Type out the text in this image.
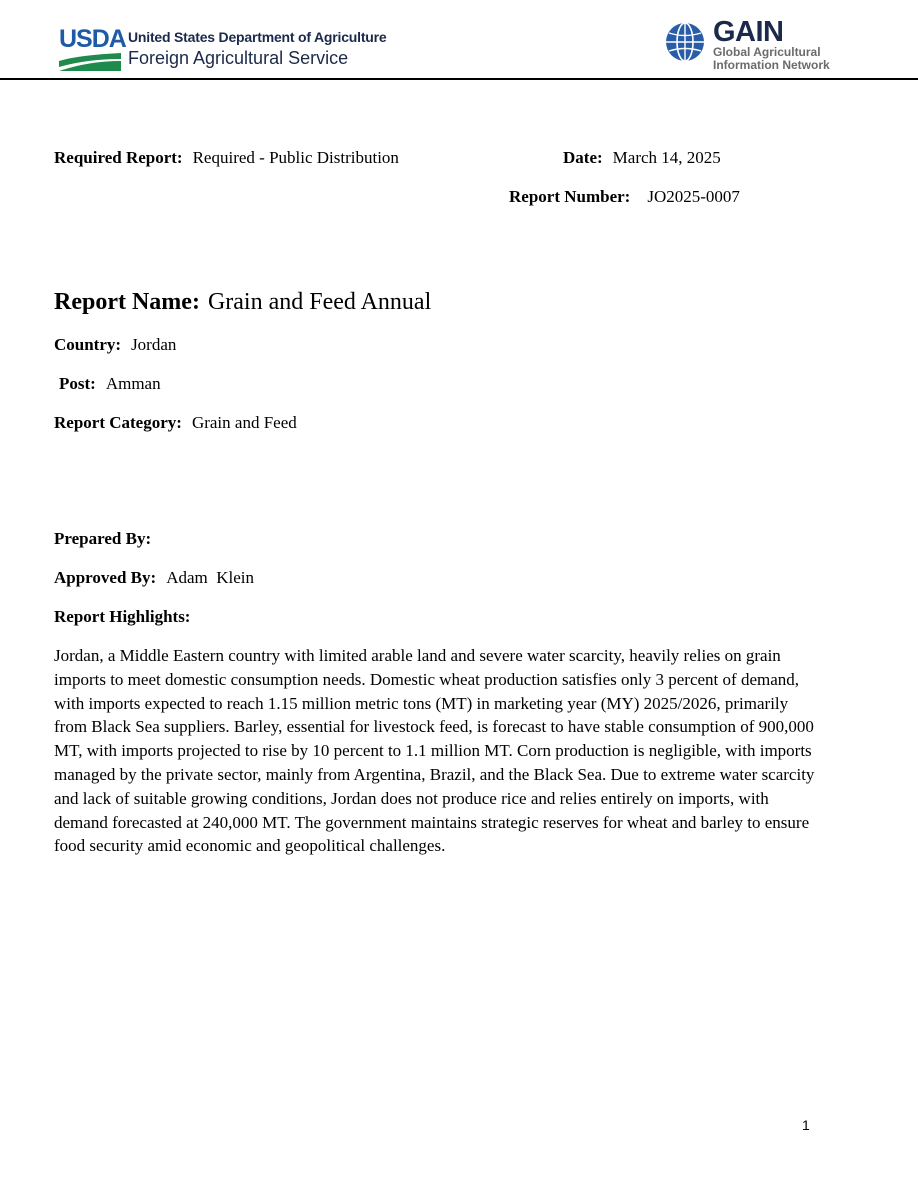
USDA United States Department of Agriculture
Foreign Agricultural Service
GAIN
Global Agricultural
Information Network
Required Report: Required - Public Distribution	Date: March 14, 2025
Report Number: JO2025-0007
Report Name: Grain and Feed Annual
Country: Jordan
Post: Amman
Report Category: Grain and Feed
Prepared By:
Approved By: Adam  Klein
Report Highlights:
Jordan, a Middle Eastern country with limited arable land and severe water scarcity, heavily relies on grain imports to meet domestic consumption needs. Domestic wheat production satisfies only 3 percent of demand, with imports expected to reach 1.15 million metric tons (MT) in marketing year (MY) 2025/2026, primarily from Black Sea suppliers. Barley, essential for livestock feed, is forecast to have stable consumption of 900,000 MT, with imports projected to rise by 10 percent to 1.1 million MT. Corn production is negligible, with imports managed by the private sector, mainly from Argentina, Brazil, and the Black Sea. Due to extreme water scarcity and lack of suitable growing conditions, Jordan does not produce rice and relies entirely on imports, with demand forecasted at 240,000 MT. The government maintains strategic reserves for wheat and barley to ensure food security amid economic and geopolitical challenges.
1
